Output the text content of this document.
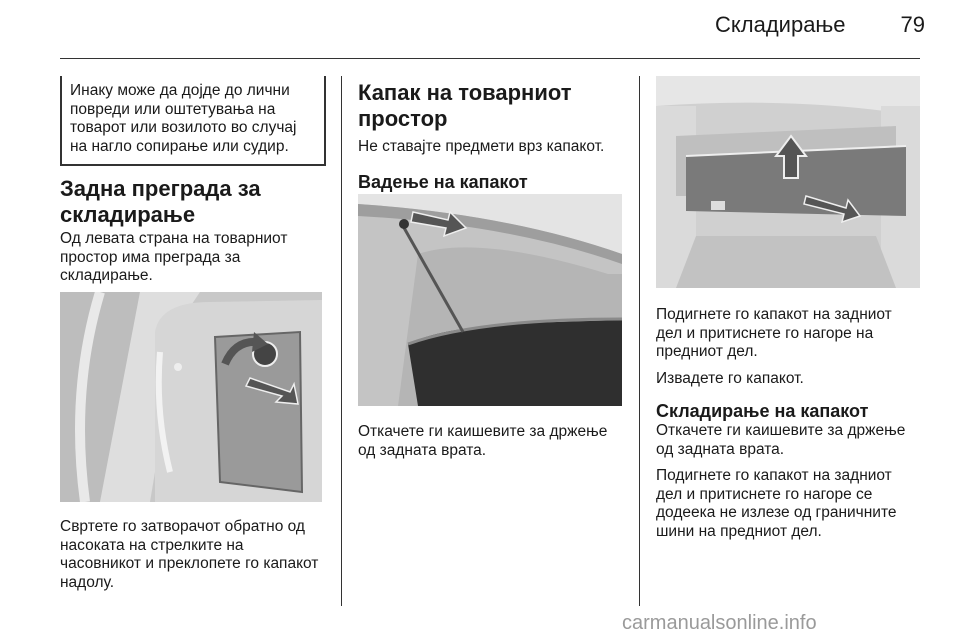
Складирање	79

Инаку може да дојде до лични повреди или оштетувања на товарот или возилото во случај на нагло сопирање или судир.

Задна преграда за складирање

Од левата страна на товарниот простор има преграда за складирање.

Свртете го затворачот обратно од насоката на стрелките на часовникот и преклопете го капакот надолу.

Капак на товарниот простор

Не ставајте предмети врз капакот.

Вадење на капакот

Откачете ги каишевите за држење од задната врата.

Подигнете го капакот на задниот дел и притиснете го нагоре на предниот дел.

Извадете го капакот.

Складирање на капакот

Откачете ги каишевите за држење од задната врата.

Подигнете го капакот на задниот дел и притиснете го нагоре се додеека не излезе од граничните шини на предниот дел.

carmanualsonline.info
